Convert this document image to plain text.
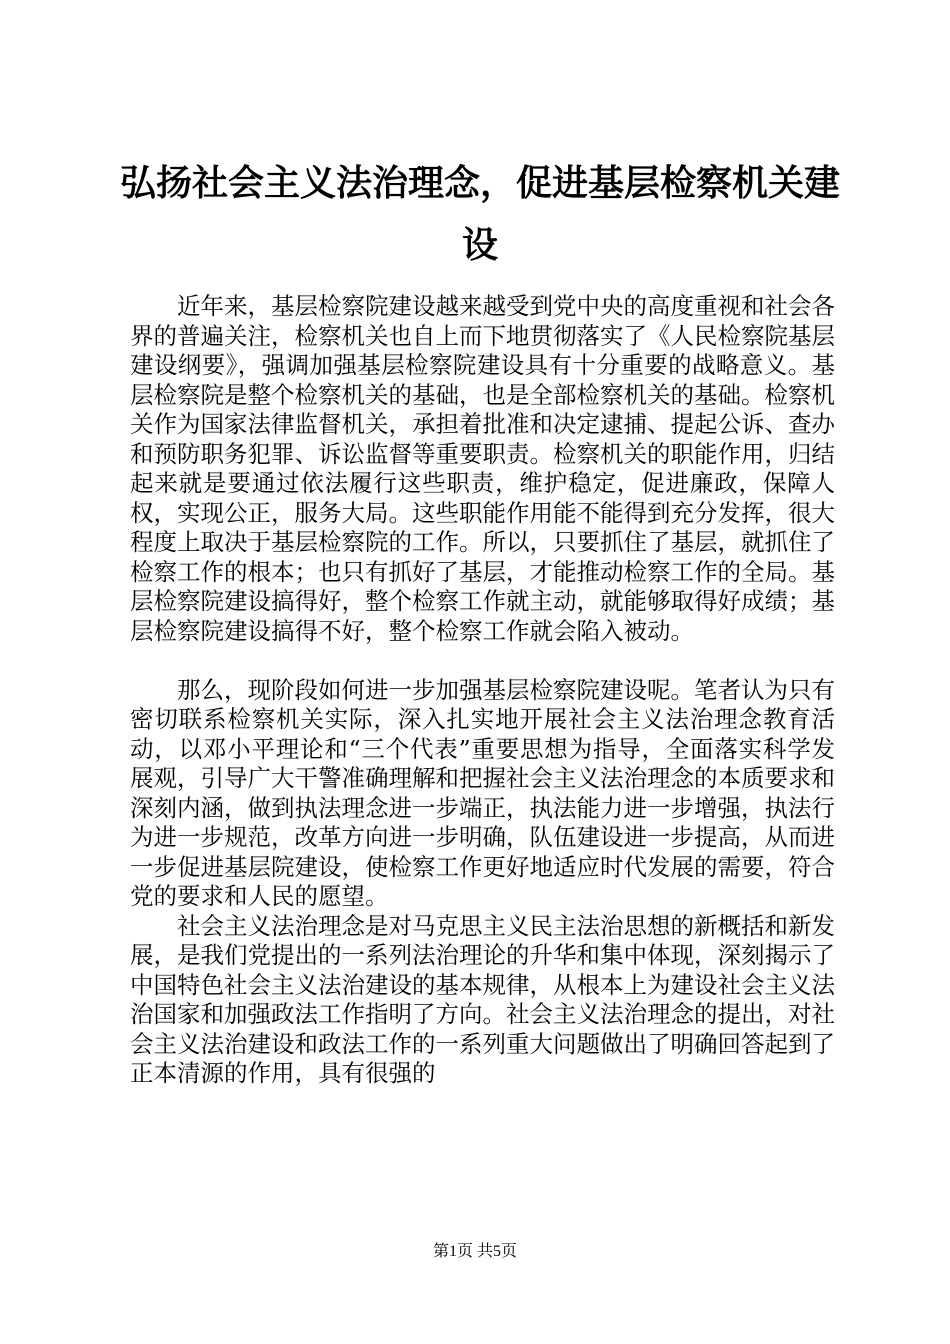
弘扬社会主义法治理念，促进基层检察机关建设

近年来，基层检察院建设越来越受到党中央的高度重视和社会各界的普遍关注，检察机关也自上而下地贯彻落实了《人民检察院基层建设纲要》，强调加强基层检察院建设具有十分重要的战略意义。基层检察院是整个检察机关的基础，也是全部检察机关的基础。检察机关作为国家法律监督机关，承担着批准和决定逮捕、提起公诉、查办和预防职务犯罪、诉讼监督等重要职责。检察机关的职能作用，归结起来就是要通过依法履行这些职责，维护稳定，促进廉政，保障人权，实现公正，服务大局。这些职能作用能不能得到充分发挥，很大程度上取决于基层检察院的工作。所以，只要抓住了基层，就抓住了检察工作的根本；也只有抓好了基层，才能推动检察工作的全局。基层检察院建设搞得好，整个检察工作就主动，就能够取得好成绩；基层检察院建设搞得不好，整个检察工作就会陷入被动。

那么，现阶段如何进一步加强基层检察院建设呢。笔者认为只有密切联系检察机关实际，深入扎实地开展社会主义法治理念教育活动，以邓小平理论和“三个代表”重要思想为指导，全面落实科学发展观，引导广大干警准确理解和把握社会主义法治理念的本质要求和深刻内涵，做到执法理念进一步端正，执法能力进一步增强，执法行为进一步规范，改革方向进一步明确，队伍建设进一步提高，从而进一步促进基层院建设，使检察工作更好地适应时代发展的需要，符合党的要求和人民的愿望。

社会主义法治理念是对马克思主义民主法治思想的新概括和新发展，是我们党提出的一系列法治理论的升华和集中体现，深刻揭示了中国特色社会主义法治建设的基本规律，从根本上为建设社会主义法治国家和加强政法工作指明了方向。社会主义法治理念的提出，对社会主义法治建设和政法工作的一系列重大问题做出了明确回答起到了正本清源的作用，具有很强的

第1页 共5页
